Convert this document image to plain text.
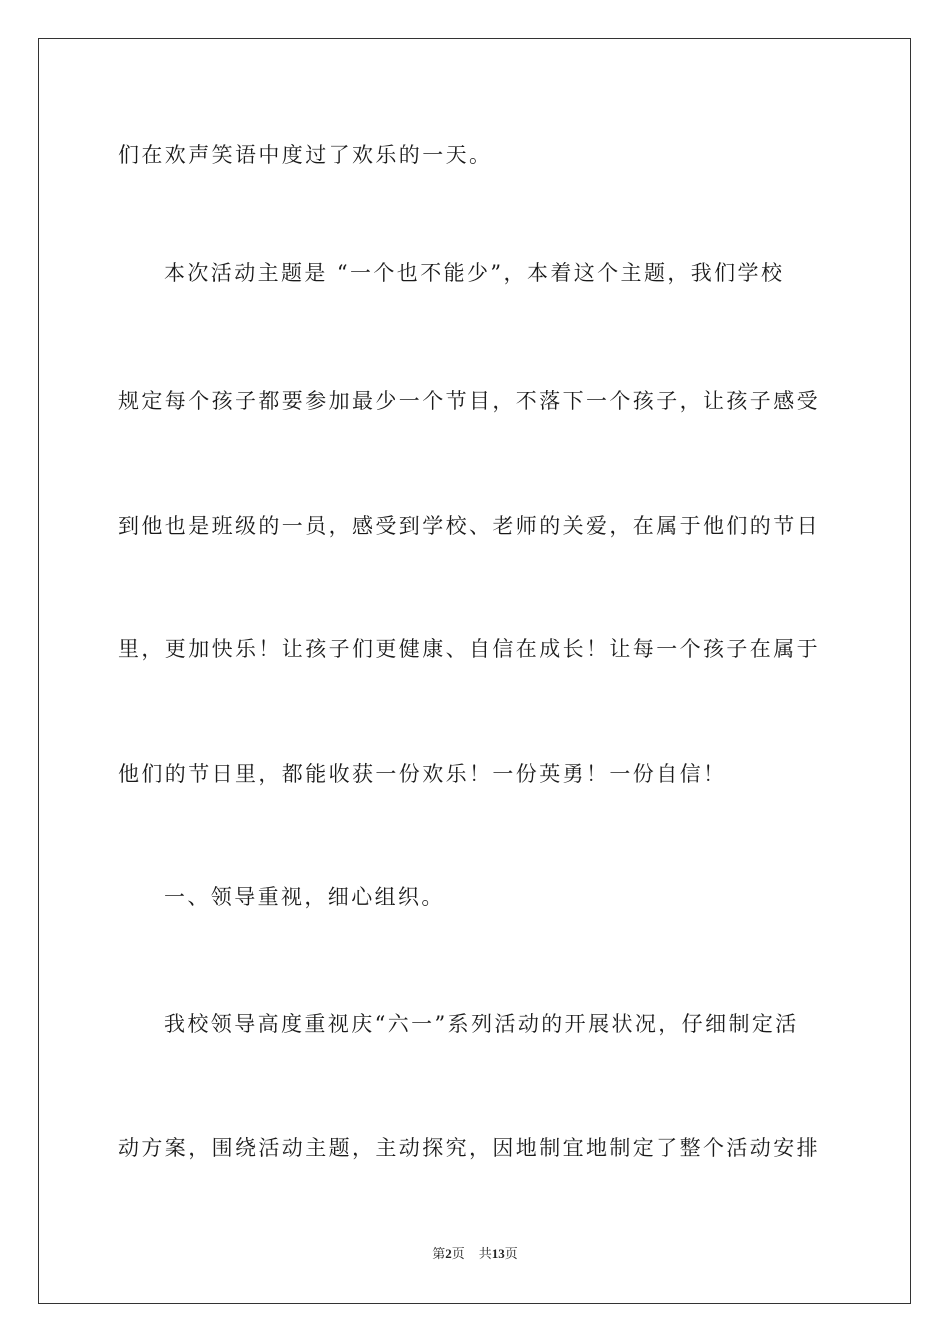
们在欢声笑语中度过了欢乐的一天。
本次活动主题是 “一个也不能少”，本着这个主题，我们学校
规定每个孩子都要参加最少一个节目，不落下一个孩子，让孩子感受
到他也是班级的一员，感受到学校、老师的关爱，在属于他们的节日
里，更加快乐！让孩子们更健康、自信在成长！让每一个孩子在属于
他们的节日里，都能收获一份欢乐！一份英勇！一份自信！
一、领导重视，细心组织。
我校领导高度重视庆“六一”系列活动的开展状况，仔细制定活
动方案，围绕活动主题，主动探究，因地制宜地制定了整个活动安排
第2页 共13页
